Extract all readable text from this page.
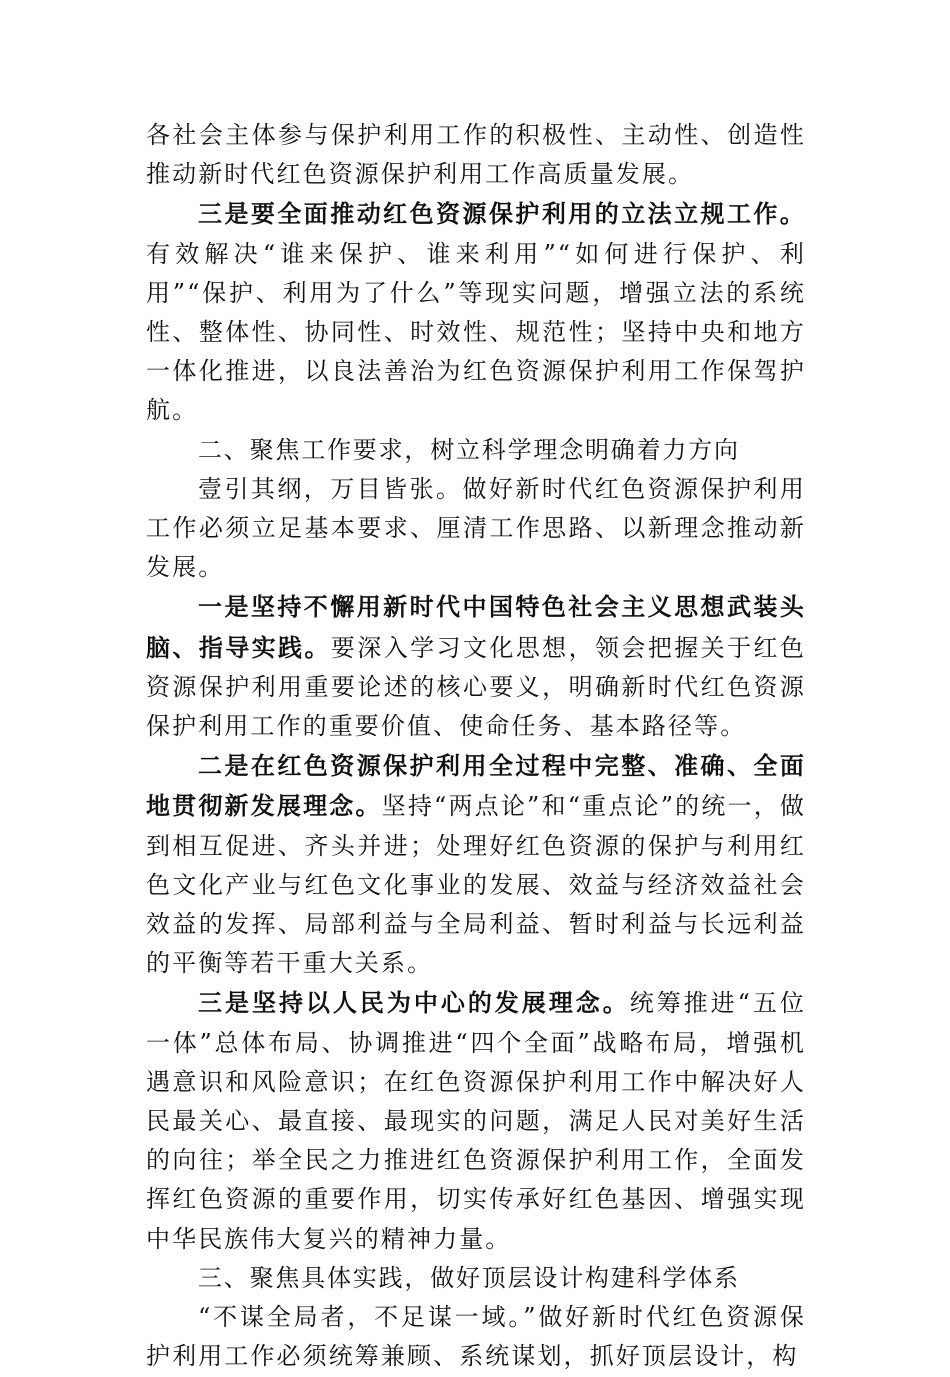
各社会主体参与保护利用工作的积极性、主动性、创造性推动新时代红色资源保护利用工作高质量发展。

三是要全面推动红色资源保护利用的立法立规工作。有效解决“谁来保护、谁来利用”“如何进行保护、利用”“保护、利用为了什么”等现实问题，增强立法的系统性、整体性、协同性、时效性、规范性；坚持中央和地方一体化推进，以良法善治为红色资源保护利用工作保驾护航。

二、聚焦工作要求，树立科学理念明确着力方向

壹引其纲，万目皆张。做好新时代红色资源保护利用工作必须立足基本要求、厘清工作思路、以新理念推动新发展。

一是坚持不懈用新时代中国特色社会主义思想武装头脑、指导实践。要深入学习文化思想，领会把握关于红色资源保护利用重要论述的核心要义，明确新时代红色资源保护利用工作的重要价值、使命任务、基本路径等。

二是在红色资源保护利用全过程中完整、准确、全面地贯彻新发展理念。坚持“两点论”和“重点论”的统一，做到相互促进、齐头并进；处理好红色资源的保护与利用红色文化产业与红色文化事业的发展、效益与经济效益社会效益的发挥、局部利益与全局利益、暂时利益与长远利益的平衡等若干重大关系。

三是坚持以人民为中心的发展理念。统筹推进“五位一体”总体布局、协调推进“四个全面”战略布局，增强机遇意识和风险意识；在红色资源保护利用工作中解决好人民最关心、最直接、最现实的问题，满足人民对美好生活的向往；举全民之力推进红色资源保护利用工作，全面发挥红色资源的重要作用，切实传承好红色基因、增强实现中华民族伟大复兴的精神力量。

三、聚焦具体实践，做好顶层设计构建科学体系

“不谋全局者，不足谋一域。”做好新时代红色资源保护利用工作必须统筹兼顾、系统谋划，抓好顶层设计，构
